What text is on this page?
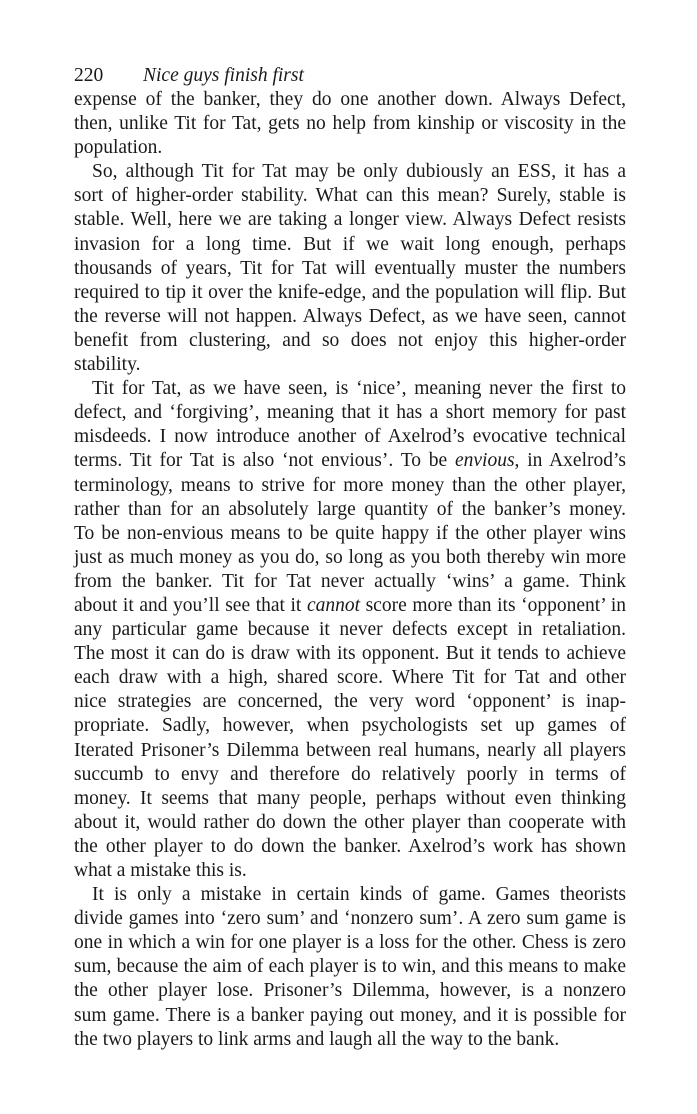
220 Nice guys finish first
expense of the banker, they do one another down. Always Defect,
then, unlike Tit for Tat, gets no help from kinship or viscosity in the
population.
So, although Tit for Tat may be only dubiously an ESS, it has a
sort of higher-order stability. What can this mean? Surely, stable is
stable. Well, here we are taking a longer view. Always Defect resists
invasion for a long time. But if we wait long enough, perhaps
thousands of years, Tit for Tat will eventually muster the numbers
required to tip it over the knife-edge, and the population will flip. But
the reverse will not happen. Always Defect, as we have seen, cannot
benefit from clustering, and so does not enjoy this higher-order
stability.
Tit for Tat, as we have seen, is ‘nice’, meaning never the first to
defect, and ‘forgiving’, meaning that it has a short memory for past
misdeeds. I now introduce another of Axelrod’s evocative technical
terms. Tit for Tat is also ‘not envious’. To be envious, in Axelrod’s
terminology, means to strive for more money than the other player,
rather than for an absolutely large quantity of the banker’s money.
To be non-envious means to be quite happy if the other player wins
just as much money as you do, so long as you both thereby win more
from the banker. Tit for Tat never actually ‘wins’ a game. Think
about it and you’ll see that it cannot score more than its ‘opponent’ in
any particular game because it never defects except in retaliation.
The most it can do is draw with its opponent. But it tends to achieve
each draw with a high, shared score. Where Tit for Tat and other
nice strategies are concerned, the very word ‘opponent’ is inap-
propriate. Sadly, however, when psychologists set up games of
Iterated Prisoner’s Dilemma between real humans, nearly all players
succumb to envy and therefore do relatively poorly in terms of
money. It seems that many people, perhaps without even thinking
about it, would rather do down the other player than cooperate with
the other player to do down the banker. Axelrod’s work has shown
what a mistake this is.
It is only a mistake in certain kinds of game. Games theorists
divide games into ‘zero sum’ and ‘nonzero sum’. A zero sum game is
one in which a win for one player is a loss for the other. Chess is zero
sum, because the aim of each player is to win, and this means to make
the other player lose. Prisoner’s Dilemma, however, is a nonzero
sum game. There is a banker paying out money, and it is possible for
the two players to link arms and laugh all the way to the bank.
